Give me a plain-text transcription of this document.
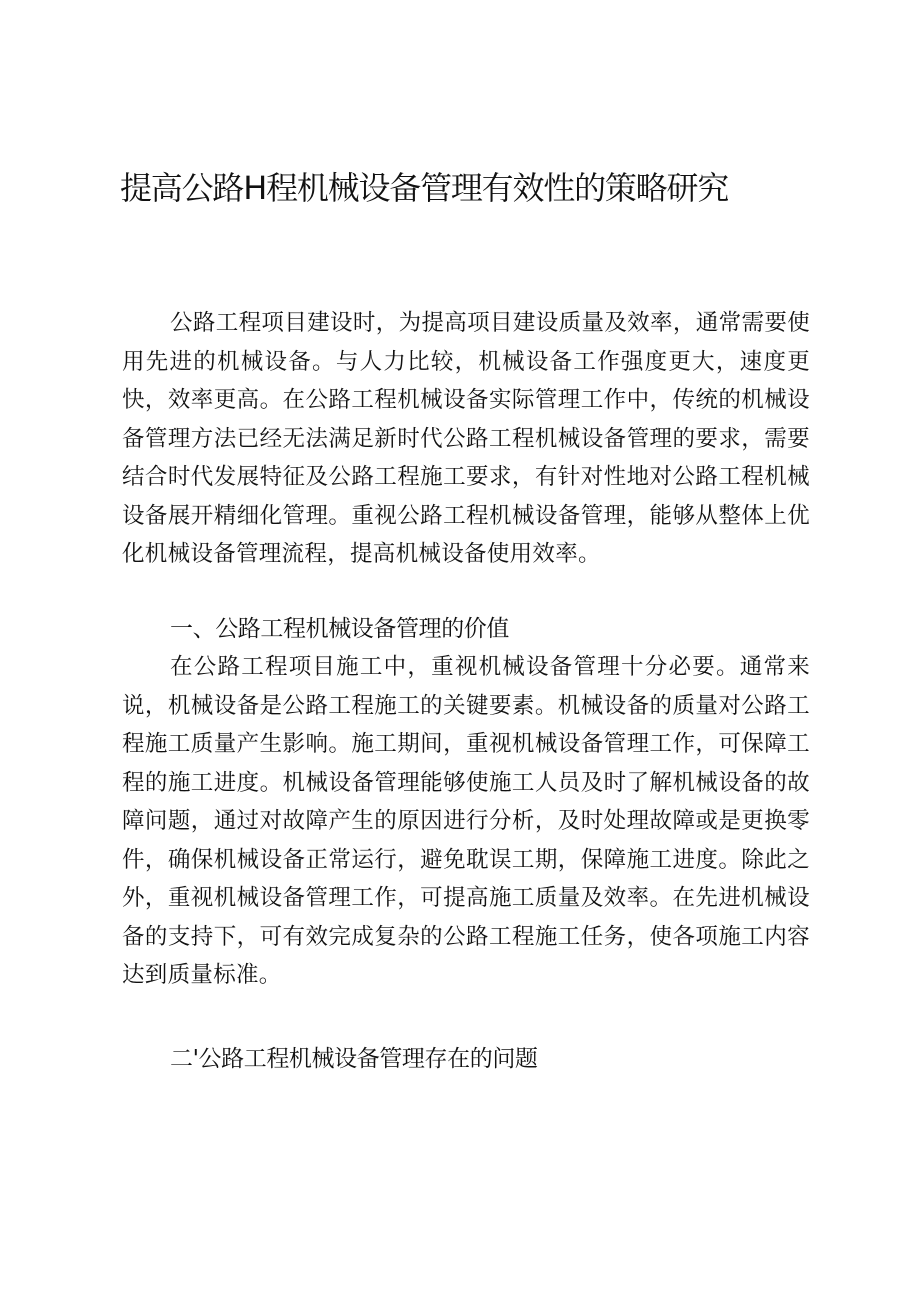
提高公路H程机械设备管理有效性的策略研究

公路工程项目建设时，为提高项目建设质量及效率，通常需要使用先进的机械设备。与人力比较，机械设备工作强度更大，速度更快，效率更高。在公路工程机械设备实际管理工作中，传统的机械设备管理方法已经无法满足新时代公路工程机械设备管理的要求，需要结合时代发展特征及公路工程施工要求，有针对性地对公路工程机械设备展开精细化管理。重视公路工程机械设备管理，能够从整体上优化机械设备管理流程，提高机械设备使用效率。

一、公路工程机械设备管理的价值

在公路工程项目施工中，重视机械设备管理十分必要。通常来说，机械设备是公路工程施工的关键要素。机械设备的质量对公路工程施工质量产生影响。施工期间，重视机械设备管理工作，可保障工程的施工进度。机械设备管理能够使施工人员及时了解机械设备的故障问题，通过对故障产生的原因进行分析，及时处理故障或是更换零件，确保机械设备正常运行，避免耽误工期，保障施工进度。除此之外，重视机械设备管理工作，可提高施工质量及效率。在先进机械设备的支持下，可有效完成复杂的公路工程施工任务，使各项施工内容达到质量标准。

二'公路工程机械设备管理存在的问题
